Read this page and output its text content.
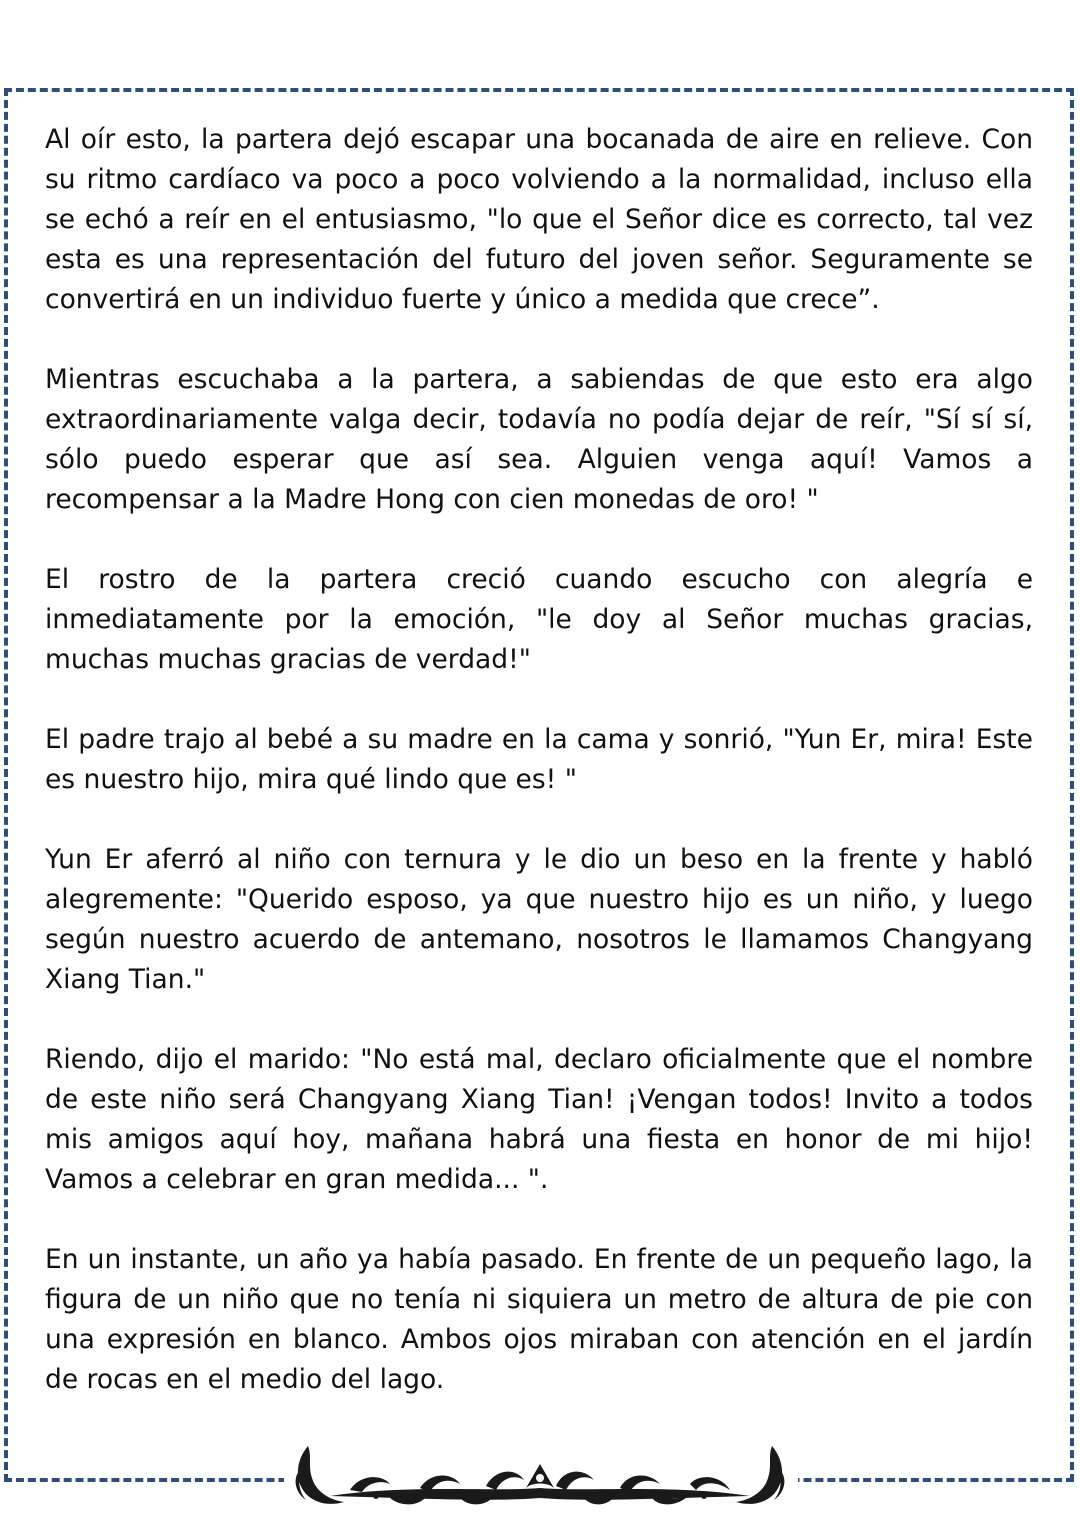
Al oír esto, la partera dejó escapar una bocanada de aire en relieve. Con su ritmo cardíaco va poco a poco volviendo a la normalidad, incluso ella se echó a reír en el entusiasmo, "lo que el Señor dice es correcto, tal vez esta es una representación del futuro del joven señor. Seguramente se convertirá en un individuo fuerte y único a medida que crece”.

Mientras escuchaba a la partera, a sabiendas de que esto era algo extraordinariamente valga decir, todavía no podía dejar de reír, "Sí sí sí, sólo puedo esperar que así sea. Alguien venga aquí! Vamos a recompensar a la Madre Hong con cien monedas de oro! "

El rostro de la partera creció cuando escucho con alegría e inmediatamente por la emoción, "le doy al Señor muchas gracias, muchas muchas gracias de verdad!"

El padre trajo al bebé a su madre en la cama y sonrió, "Yun Er, mira! Este es nuestro hijo, mira qué lindo que es! "

Yun Er aferró al niño con ternura y le dio un beso en la frente y habló alegremente: "Querido esposo, ya que nuestro hijo es un niño, y luego según nuestro acuerdo de antemano, nosotros le llamamos Changyang Xiang Tian."

Riendo, dijo el marido: "No está mal, declaro oficialmente que el nombre de este niño será Changyang Xiang Tian! ¡Vengan todos! Invito a todos mis amigos aquí hoy, mañana habrá una fiesta en honor de mi hijo! Vamos a celebrar en gran medida... ".

En un instante, un año ya había pasado. En frente de un pequeño lago, la figura de un niño que no tenía ni siquiera un metro de altura de pie con una expresión en blanco. Ambos ojos miraban con atención en el jardín de rocas en el medio del lago.
